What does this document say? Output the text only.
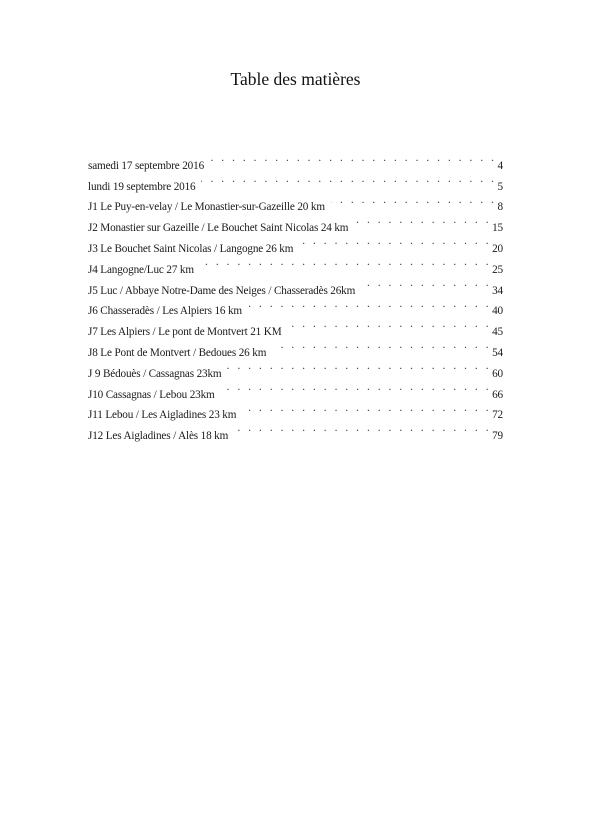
Table des matières
samedi 17 septembre 2016 . . .	4
lundi 19 septembre 2016 . . .	5
J1 Le Puy-en-velay / Le Monastier-sur-Gazeille 20 km . . .	8
J2 Monastier sur Gazeille / Le Bouchet Saint Nicolas 24 km . . .	15
J3 Le Bouchet Saint Nicolas / Langogne 26 km . . .	20
J4 Langogne/Luc 27 km . . .	25
J5 Luc / Abbaye Notre-Dame des Neiges / Chasseradès 26km . . .	34
J6 Chasseradès / Les Alpiers 16 km . . .	40
J7 Les Alpiers / Le pont de Montvert 21 KM . . .	45
J8 Le Pont de Montvert / Bedoues 26 km . . .	54
J 9 Bédouès / Cassagnas 23km . . .	60
J10 Cassagnas / Lebou 23km . . .	66
J11 Lebou / Les Aigladines 23 km . . .	72
J12 Les Aigladines / Alès 18 km . . .	79
